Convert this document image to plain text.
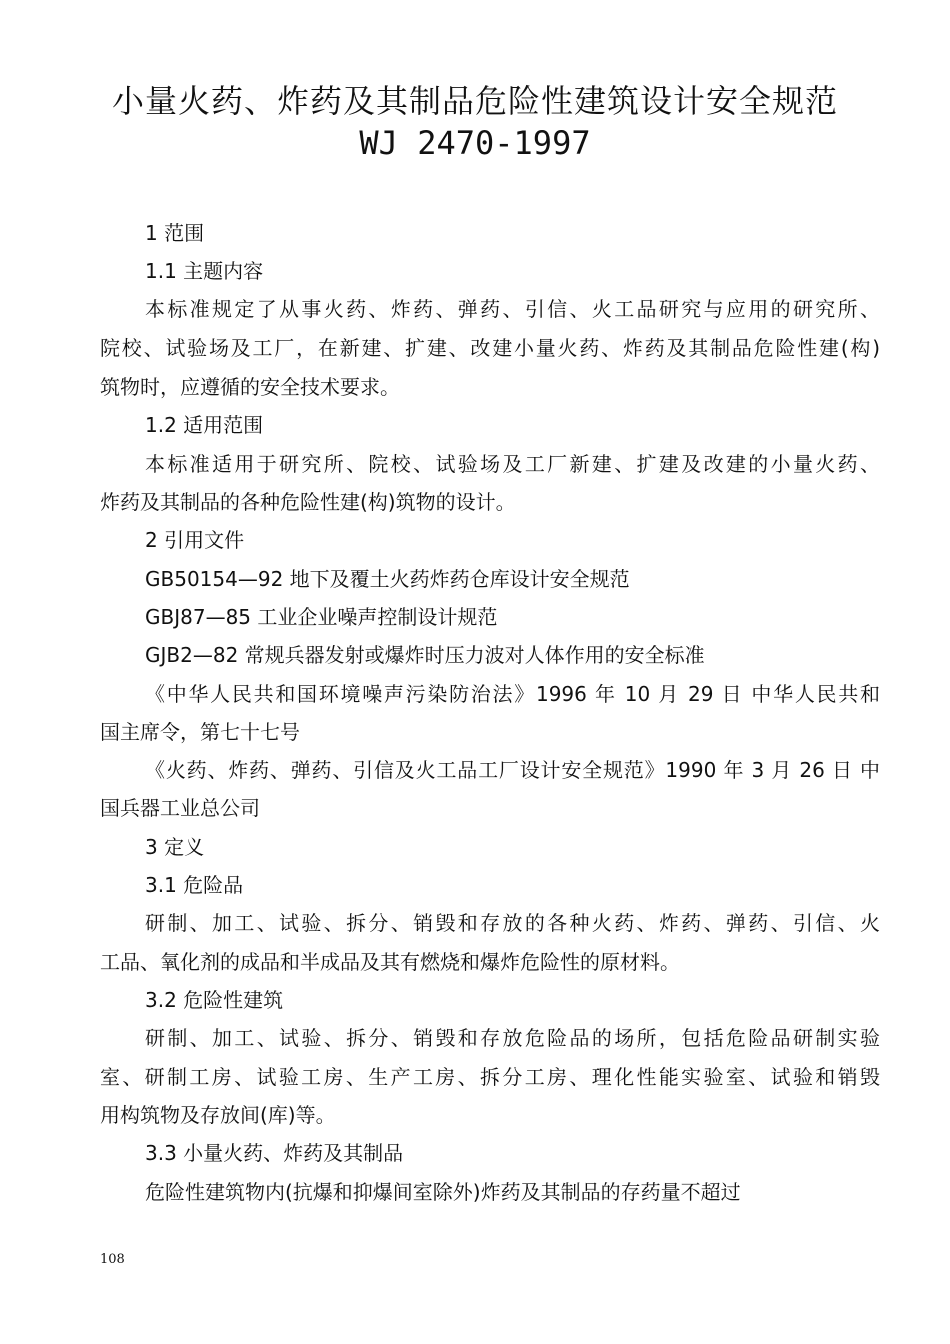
小量火药、炸药及其制品危险性建筑设计安全规范
WJ 2470-1997
1 范围
1.1 主题内容
本标准规定了从事火药、炸药、弹药、引信、火工品研究与应用的研究所、
院校、试验场及工厂，在新建、扩建、改建小量火药、炸药及其制品危险性建(构)
筑物时，应遵循的安全技术要求。
1.2 适用范围
本标准适用于研究所、院校、试验场及工厂新建、扩建及改建的小量火药、
炸药及其制品的各种危险性建(构)筑物的设计。
2 引用文件
GB50154—92 地下及覆土火药炸药仓库设计安全规范
GBJ87—85 工业企业噪声控制设计规范
GJB2—82 常规兵器发射或爆炸时压力波对人体作用的安全标准
《中华人民共和国环境噪声污染防治法》1996 年 10 月 29 日 中华人民共和
国主席令，第七十七号
《火药、炸药、弹药、引信及火工品工厂设计安全规范》1990 年 3 月 26 日 中
国兵器工业总公司
3 定义
3.1 危险品
研制、加工、试验、拆分、销毁和存放的各种火药、炸药、弹药、引信、火
工品、氧化剂的成品和半成品及其有燃烧和爆炸危险性的原材料。
3.2 危险性建筑
研制、加工、试验、拆分、销毁和存放危险品的场所，包括危险品研制实验
室、研制工房、试验工房、生产工房、拆分工房、理化性能实验室、试验和销毁
用构筑物及存放间(库)等。
3.3 小量火药、炸药及其制品
危险性建筑物内(抗爆和抑爆间室除外)炸药及其制品的存药量不超过
108
